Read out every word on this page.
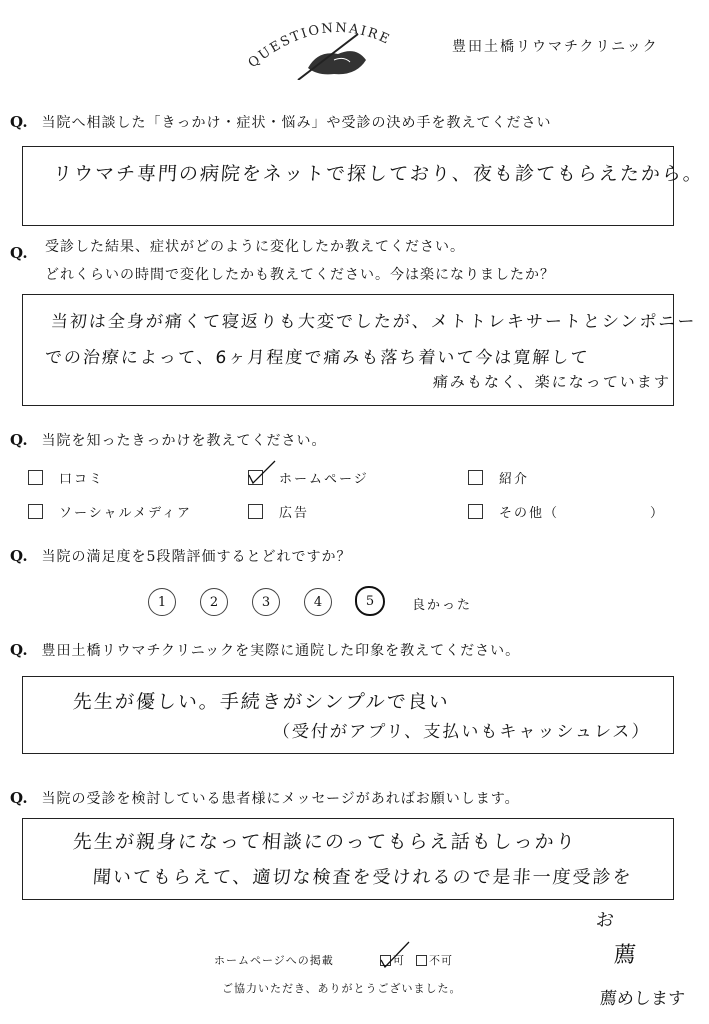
QUESTIONNAIRE	豊田土橋リウマチクリニック
Q. 当院へ相談した「きっかけ・症状・悩み」や受診の決め手を教えてください
リウマチ専門の病院をネットで探しており、夜も診てもらえたから。
Q.	受診した結果、症状がどのように変化したか教えてください。
どれくらいの時間で変化したかも教えてください。今は楽になりましたか？
当初は全身が痛くて寝返りも大変でしたが、メトトレキサートとシンポニー
での治療によって、6ヶ月程度で痛みも落ち着いて今は寛解して
痛みもなく、楽になっています
Q. 当院を知ったきっかけを教えてください。
口コミ	ホームページ	紹介
ソーシャルメディア	広告	その他（	）
Q. 当院の満足度を5段階評価するとどれですか？
1	2	3	4	5	良かった
Q. 豊田土橋リウマチクリニックを実際に通院した印象を教えてください。
先生が優しい。手続きがシンプルで良い
（受付がアプリ、支払いもキャッシュレス）
Q. 当院の受診を検討している患者様にメッセージがあればお願いします。
先生が親身になって相談にのってもらえ話もしっかり
聞いてもらえて、適切な検査を受けれるので是非一度受診を
お
薦
薦めします
ホームページへの掲載	可 不可
ご協力いただき、ありがとうございました。
